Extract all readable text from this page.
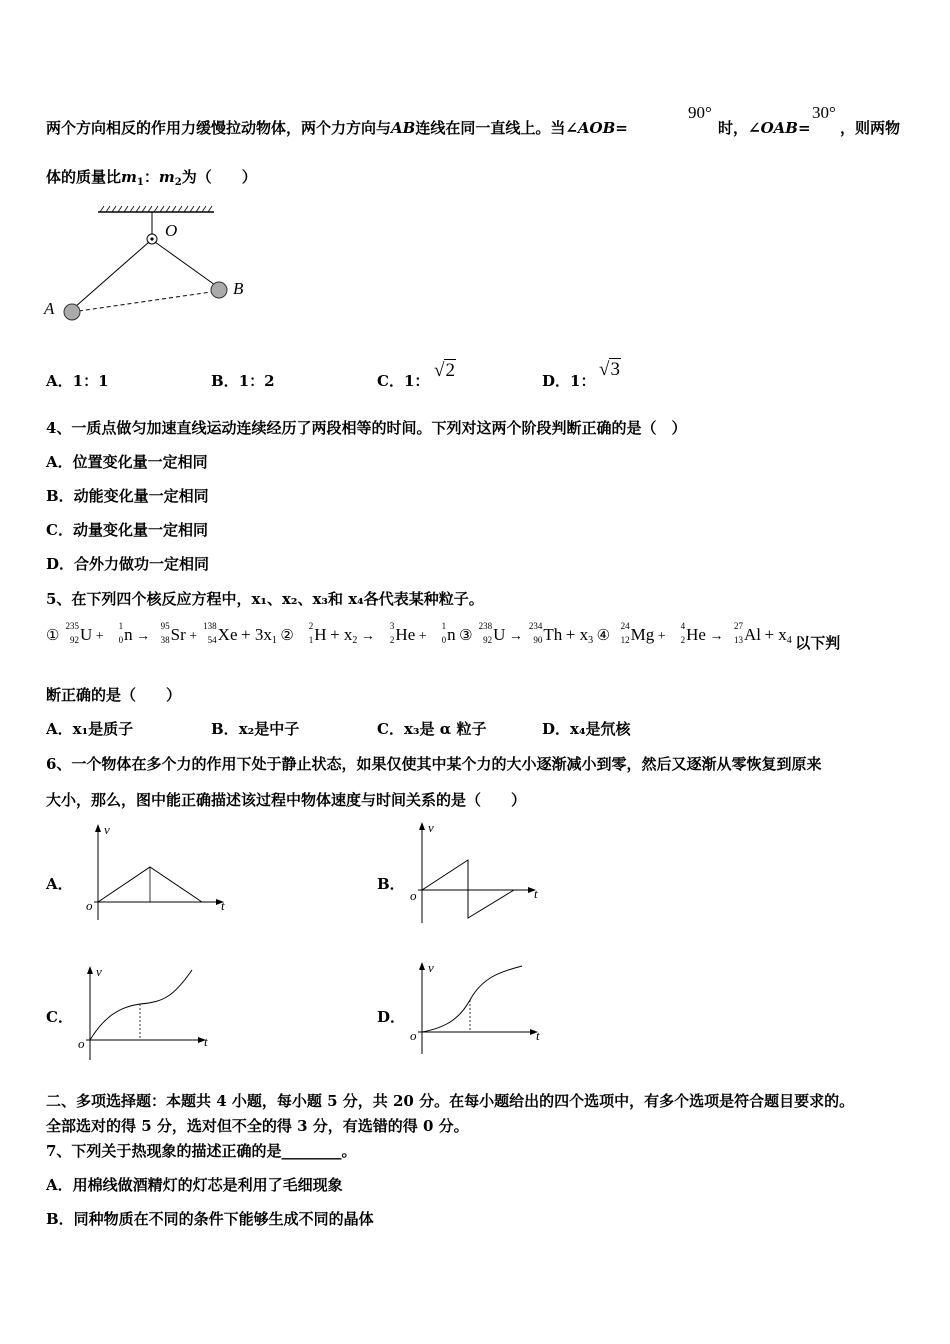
两个方向相反的作用力缓慢拉动物体，两个力方向与AB连线在同一直线上。当∠AOB=
90°
时，∠OAB=
30°
，则两物
体的质量比$m_1$：$m_2$为（　　）
O
A
B
A．1：1	B．1：2	C．1： √2	D．1：
√3
4、一质点做匀加速直线运动连续经历了两段相等的时间。下列对这两个阶段判断正确的是（　）
A．位置变化量一定相同
B．动能变化量一定相同
C．动量变化量一定相同
D．合外力做功一定相同
5、在下列四个核反应方程中，x₁、x₂、x₃和 x₄各代表某种粒子。
①
235
92 U +
1
0 n →
95
38 Sr +
138
54 $Xe + 3x_1$ ②
2
1 $H + x_2$ →
3
2 He +
1
0 n ③
238
92 U →
234
90 $Th + x_3$ ④
24
12 Mg +
4
2 He →
27
13 $Al + x_4$ 以下判
断正确的是（　　）
A．x₁是质子	B．x₂是中子	C．x₃是 α 粒子	D．x₄是氘核
6、一个物体在多个力的作用下处于静止状态，如果仅使其中某个力的大小逐渐减小到零，然后又逐渐从零恢复到原来
大小，那么，图中能正确描述该过程中物体速度与时间关系的是（　　）
A．
v
t
o
B．
v
t
o
C．
v
t
o
D．
v
t
o
二、多项选择题：本题共 4 小题，每小题 5 分，共 20 分。在每小题给出的四个选项中，有多个选项是符合题目要求的。
全部选对的得 5 分，选对但不全的得 3 分，有选错的得 0 分。
7、下列关于热现象的描述正确的是________。
A．用棉线做酒精灯的灯芯是利用了毛细现象
B．同种物质在不同的条件下能够生成不同的晶体
